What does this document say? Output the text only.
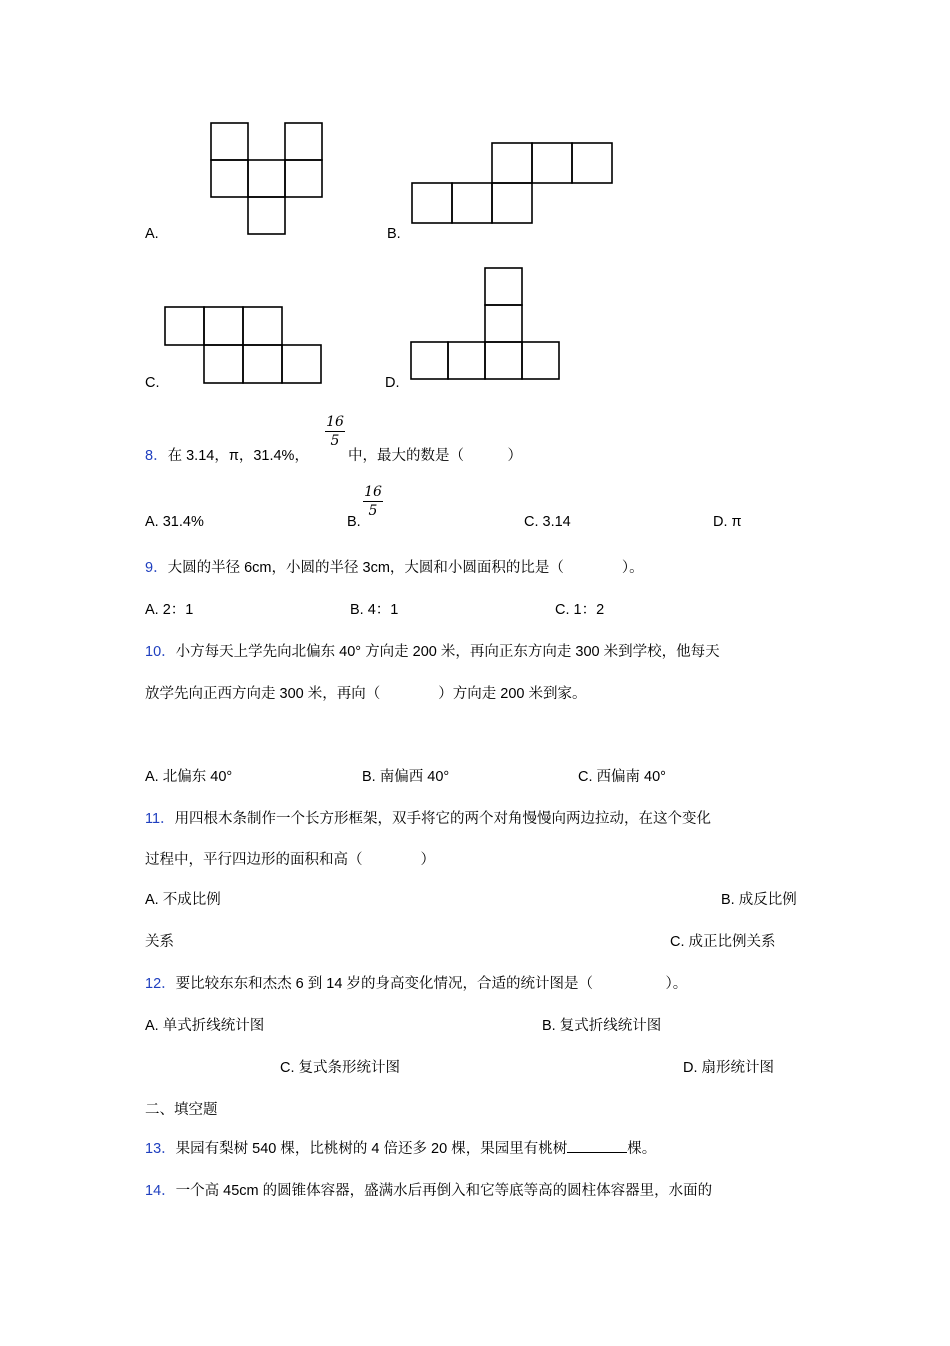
A.	B.
C.	D.
8．在 3.14，π，31.4%，
16
5
中，最大的数是（　　　）
A. 31.4%	B.
16
5
C. 3.14	D. π
9．大圆的半径 6cm，小圆的半径 3cm，大圆和小圆面积的比是（　　　　）。
A. 2：1	B. 4：1	C. 1：2
10．小方每天上学先向北偏东 40° 方向走 200 米，再向正东方向走 300 米到学校，他每天
放学先向正西方向走 300 米，再向（　　　　）方向走 200 米到家。
A. 北偏东 40°	B. 南偏西 40°	C. 西偏南 40°
11．用四根木条制作一个长方形框架，双手将它的两个对角慢慢向两边拉动，在这个变化
过程中，平行四边形的面积和高（　　　　）
A. 不成比例	B. 成反比例
关系	C. 成正比例关系
12．要比较东东和杰杰 6 到 14 岁的身高变化情况，合适的统计图是（　　　　　）。
A. 单式折线统计图	B. 复式折线统计图
C. 复式条形统计图	D. 扇形统计图
二、填空题
13．果园有梨树 540 棵，比桃树的 4 倍还多 20 棵，果园里有桃树	棵。
14．一个高 45cm 的圆锥体容器，盛满水后再倒入和它等底等高的圆柱体容器里，水面的
